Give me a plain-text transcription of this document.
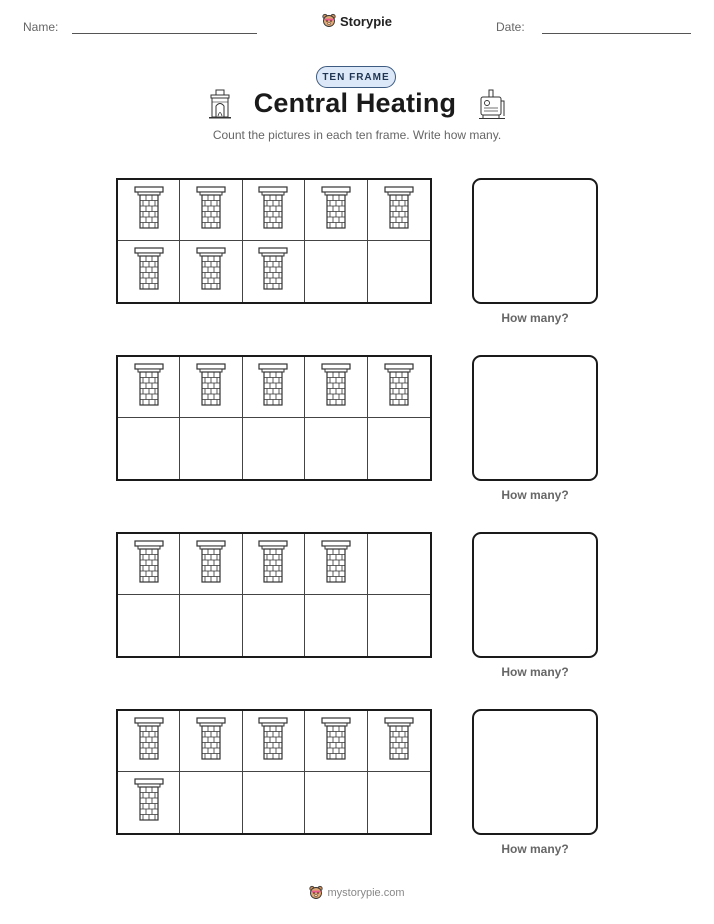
Name:	Storypie	Date:
TEN FRAME
Central Heating
Count the pictures in each ten frame. Write how many.
How many?
How many?
How many?
How many?
mystorypie.com
